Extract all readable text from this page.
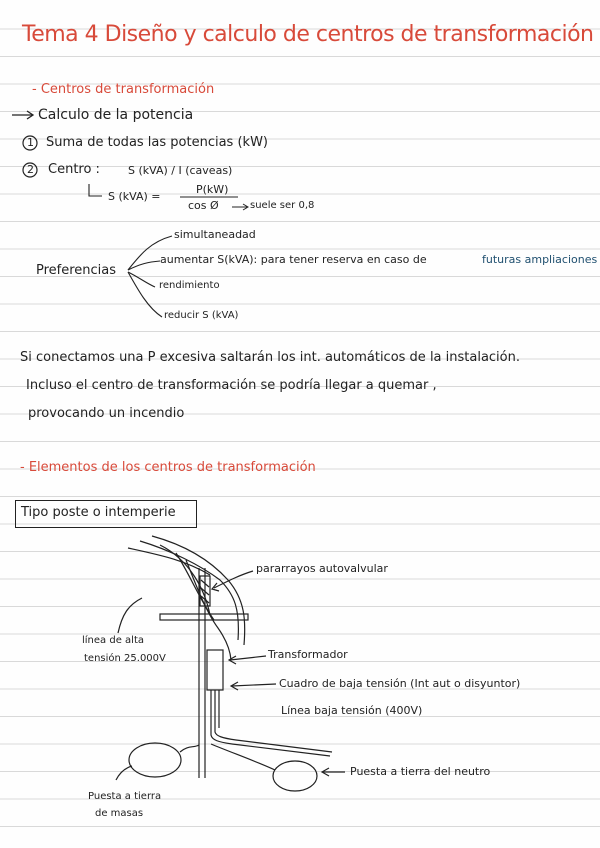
Tema 4 Diseño y calculo de centros de transformación
- Centros de transformación
Calculo de la potencia
1 Suma de todas las potencias (kW)
2 Centro :	S (kVA) / Ⅰ (caveas)
S (kVA) =
P(kW)
cos Ø	suele ser 0,8
Preferencias
simultaneadad
aumentar S(kVA): para tener reserva en caso de	futuras ampliaciones
rendimiento
reducir S (kVA)
Si conectamos una P excesiva saltarán los int. automáticos de la instalación.
Incluso el centro de transformación se podría llegar a quemar ,
provocando un incendio
- Elementos de los centros de transformación
Tipo poste o intemperie
pararrayos autovalvular
línea de alta
tensión 25.000V	Transformador
Cuadro de baja tensión (Int aut o disyuntor)
Línea baja tensión (400V)
Puesta a tierra del neutro
Puesta a tierra
de masas
